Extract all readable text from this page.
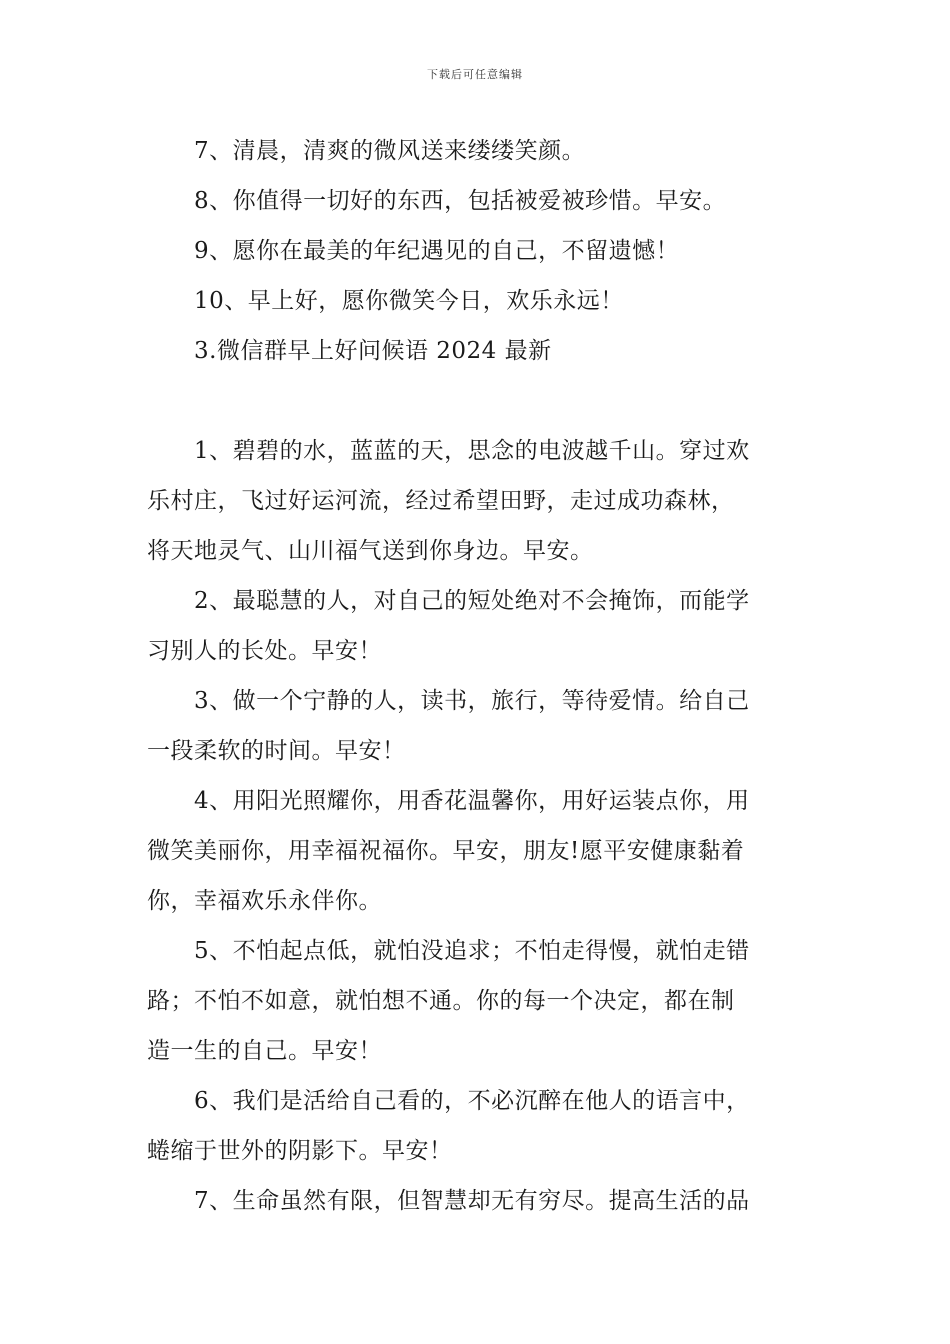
下载后可任意编辑
7、清晨，清爽的微风送来缕缕笑颜。
8、你值得一切好的东西，包括被爱被珍惜。早安。
9、愿你在最美的年纪遇见的自己，不留遗憾！
10、早上好，愿你微笑今日，欢乐永远！
3.微信群早上好问候语 2024 最新
1、碧碧的水，蓝蓝的天，思念的电波越千山。穿过欢
乐村庄，飞过好运河流，经过希望田野，走过成功森林，
将天地灵气、山川福气送到你身边。早安。
2、最聪慧的人，对自己的短处绝对不会掩饰，而能学
习别人的长处。早安！
3、做一个宁静的人，读书，旅行，等待爱情。给自己
一段柔软的时间。早安！
4、用阳光照耀你，用香花温馨你，用好运装点你，用
微笑美丽你，用幸福祝福你。早安，朋友!愿平安健康黏着
你，幸福欢乐永伴你。
5、不怕起点低，就怕没追求；不怕走得慢，就怕走错
路；不怕不如意，就怕想不通。你的每一个决定，都在制
造一生的自己。早安！
6、我们是活给自己看的，不必沉醉在他人的语言中，
蜷缩于世外的阴影下。早安！
7、生命虽然有限，但智慧却无有穷尽。提高生活的品
